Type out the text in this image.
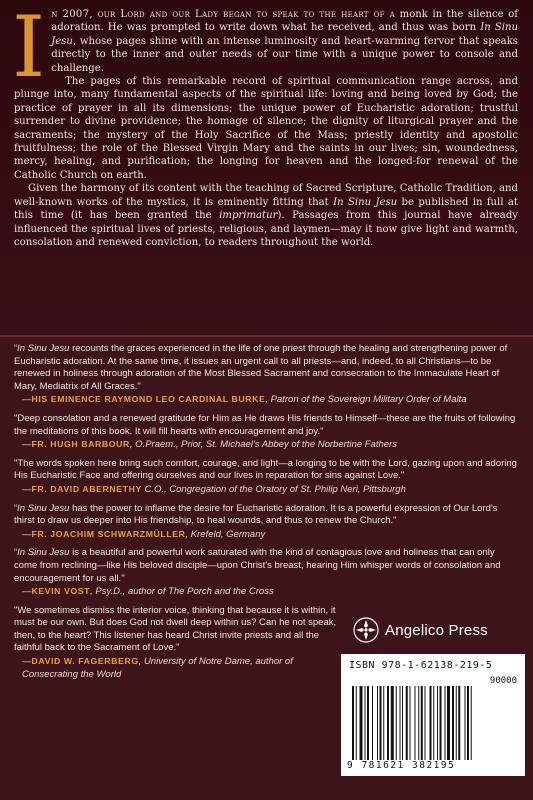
In 2007, our Lord and our Lady began to speak to the heart of a monk in the silence of adoration. He was prompted to write down what he received, and thus was born In Sinu Jesu, whose pages shine with an intense luminosity and heart-warming fervor that speaks directly to the inner and outer needs of our time with a unique power to console and challenge.

The pages of this remarkable record of spiritual communication range across, and plunge into, many fundamental aspects of the spiritual life: loving and being loved by God; the practice of prayer in all its dimensions; the unique power of Eucharistic adoration; trustful surrender to divine providence; the homage of silence; the dignity of liturgical prayer and the sacraments; the mystery of the Holy Sacrifice of the Mass; priestly identity and apostolic fruitfulness; the role of the Blessed Virgin Mary and the saints in our lives; sin, woundedness, mercy, healing, and purification; the longing for heaven and the longed-for renewal of the Catholic Church on earth.

Given the harmony of its content with the teaching of Sacred Scripture, Catholic Tradition, and well-known works of the mystics, it is eminently fitting that In Sinu Jesu be published in full at this time (it has been granted the imprimatur). Passages from this journal have already influenced the spiritual lives of priests, religious, and laymen—may it now give light and warmth, consolation and renewed conviction, to readers throughout the world.

“In Sinu Jesu recounts the graces experienced in the life of one priest through the healing and strengthening power of Eucharistic adoration. At the same time, it issues an urgent call to all priests—and, indeed, to all Christians—to be renewed in holiness through adoration of the Most Blessed Sacrament and consecration to the Immaculate Heart of Mary, Mediatrix of All Graces."
—HIS EMINENCE RAYMOND LEO CARDINAL BURKE, Patron of the Sovereign Military Order of Malta
"Deep consolation and a renewed gratitude for Him as He draws His friends to Himself—these are the fruits of following the meditations of this book. It will fill hearts with encouragement and joy."
—FR. HUGH BARBOUR, O.Praem., Prior, St. Michael's Abbey of the Norbertine Fathers
"The words spoken here bring such comfort, courage, and light—a longing to be with the Lord, gazing upon and adoring His Eucharistic Face and offering ourselves and our lives in reparation for sins against Love."
—FR. DAVID ABERNETHY C.O., Congregation of the Oratory of St. Philip Neri, Pittsburgh
“In Sinu Jesu has the power to inflame the desire for Eucharistic adoration. It is a powerful expression of Our Lord's thirst to draw us deeper into His friendship, to heal wounds, and thus to renew the Church."
—FR. JOACHIM SCHWARZMÜLLER, Krefeld, Germany
“In Sinu Jesu is a beautiful and powerful work saturated with the kind of contagious love and holiness that can only come from reclining—like His beloved disciple—upon Christ's breast, hearing Him whisper words of consolation and encouragement for us all."
—KEVIN VOST, Psy.D., author of The Porch and the Cross
"We sometimes dismiss the interior voice, thinking that because it is within, it must be our own. But does God not dwell deep within us? Can he not speak, then, to the heart? This listener has heard Christ invite priests and all the faithful back to the Sacrament of Love."
—DAVID W. FAGERBERG, University of Notre Dame, author of Consecrating the World
Angelico Press
ISBN 978-1-62138-219-5
90000
9 781621 382195
